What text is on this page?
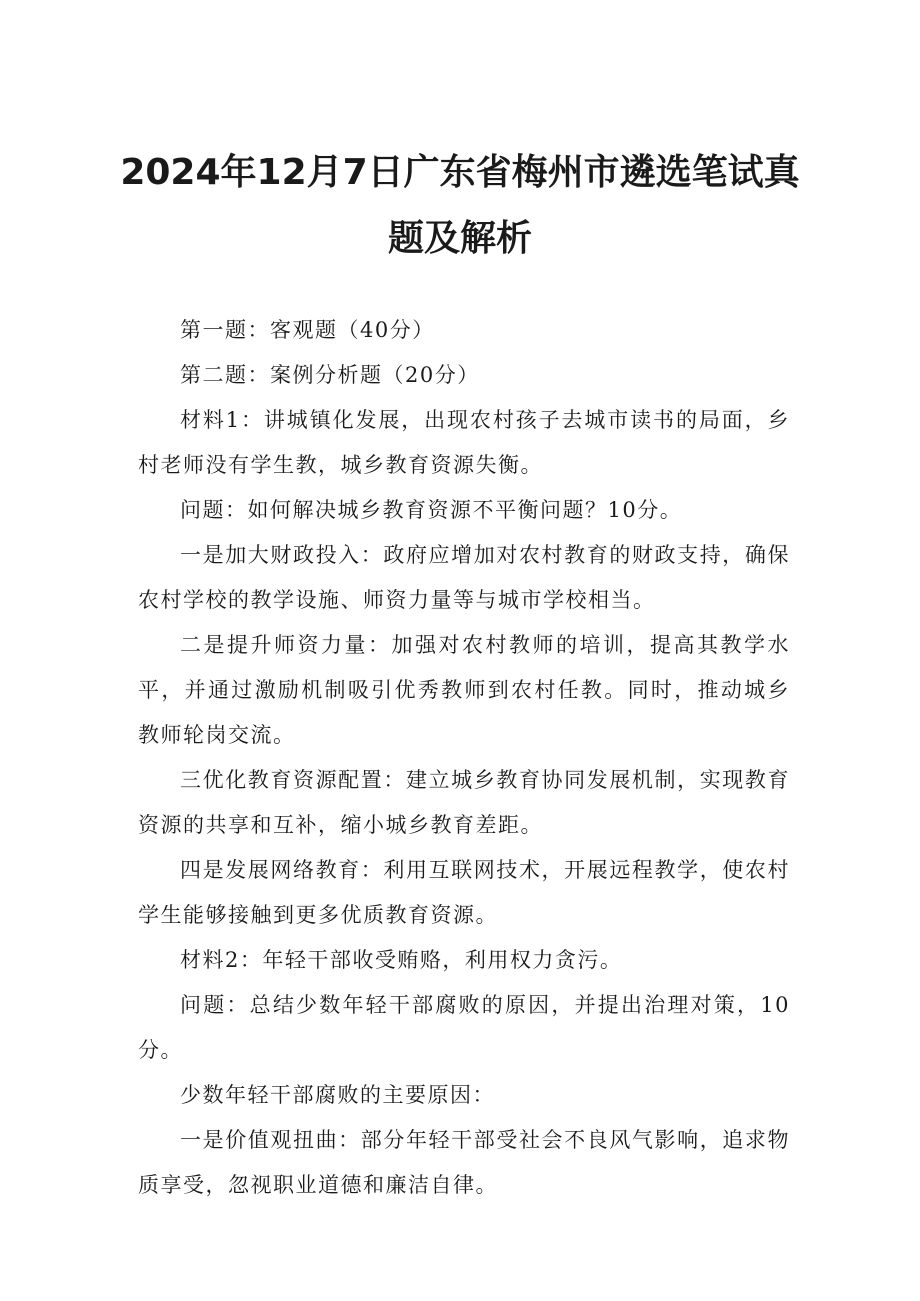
2024年12月7日广东省梅州市遴选笔试真
题及解析

第一题：客观题（40分）

第二题：案例分析题（20分）

材料1：讲城镇化发展，出现农村孩子去城市读书的局面，乡村老师没有学生教，城乡教育资源失衡。

问题：如何解决城乡教育资源不平衡问题？10分。

一是加大财政投入：政府应增加对农村教育的财政支持，确保农村学校的教学设施、师资力量等与城市学校相当。

二是提升师资力量：加强对农村教师的培训，提高其教学水平，并通过激励机制吸引优秀教师到农村任教。同时，推动城乡教师轮岗交流。

三优化教育资源配置：建立城乡教育协同发展机制，实现教育资源的共享和互补，缩小城乡教育差距。

四是发展网络教育：利用互联网技术，开展远程教学，使农村学生能够接触到更多优质教育资源。

材料2：年轻干部收受贿赂，利用权力贪污。

问题：总结少数年轻干部腐败的原因，并提出治理对策，10分。

少数年轻干部腐败的主要原因：

一是价值观扭曲：部分年轻干部受社会不良风气影响，追求物质享受，忽视职业道德和廉洁自律。
